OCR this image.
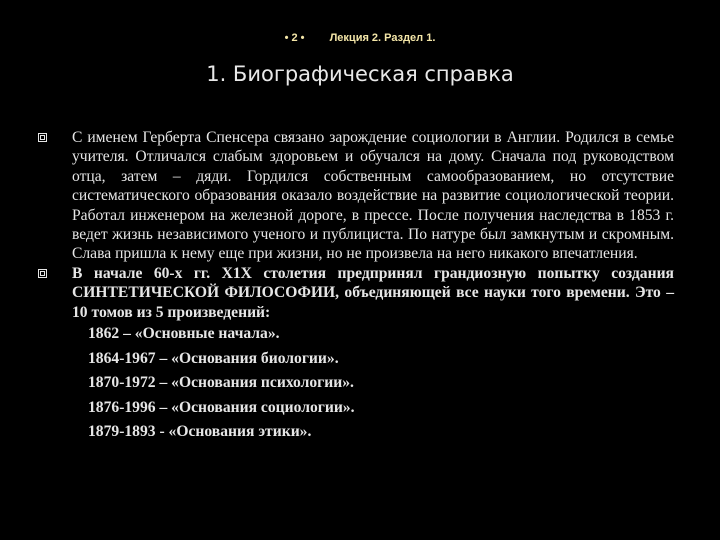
• 2 • Лекция 2. Раздел 1.
1. Биографическая справка
С именем Герберта Спенсера связано зарождение социологии в Англии. Родился в семье учителя. Отличался слабым здоровьем и обучался на дому. Сначала под руководством отца, затем – дяди. Гордился собственным самообразованием, но отсутствие систематического образования оказало воздействие на развитие социологической теории. Работал инженером на железной дороге, в прессе. После получения наследства в 1853 г. ведет жизнь независимого ученого и публициста. По натуре был замкнутым и скромным. Слава пришла к нему еще при жизни, но не произвела на него никакого впечатления.
В начале 60-х гг. Х1Х столетия предпринял грандиозную попытку создания СИНТЕТИЧЕСКОЙ ФИЛОСОФИИ, объединяющей все науки того времени. Это – 10 томов из 5 произведений:
1862 – «Основные начала».
1864-1967 – «Основания биологии».
1870-1972 – «Основания психологии».
1876-1996 – «Основания социологии».
1879-1893 - «Основания этики».
